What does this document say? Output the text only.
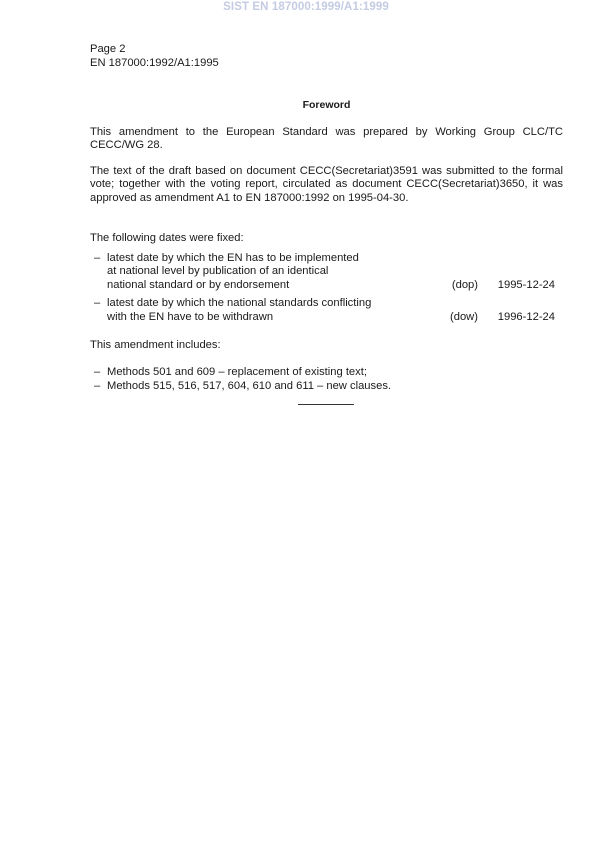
SIST EN 187000:1999/A1:1999
Page 2
EN 187000:1992/A1:1995
Foreword
This amendment to the European Standard was prepared by Working Group CLC/TC CECC/WG 28.
The text of the draft based on document CECC(Secretariat)3591 was submitted to the formal vote; together with the voting report, circulated as document CECC(Secretariat)3650, it was approved as amendment A1 to EN 187000:1992 on 1995-04-30.
The following dates were fixed:
– latest date by which the EN has to be implemented
at national level by publication of an identical
national standard or by endorsement	(dop) 1995-12-24
– latest date by which the national standards conflicting
with the EN have to be withdrawn	(dow) 1996-12-24
This amendment includes:
– Methods 501 and 609 – replacement of existing text;
– Methods 515, 516, 517, 604, 610 and 611 – new clauses.
